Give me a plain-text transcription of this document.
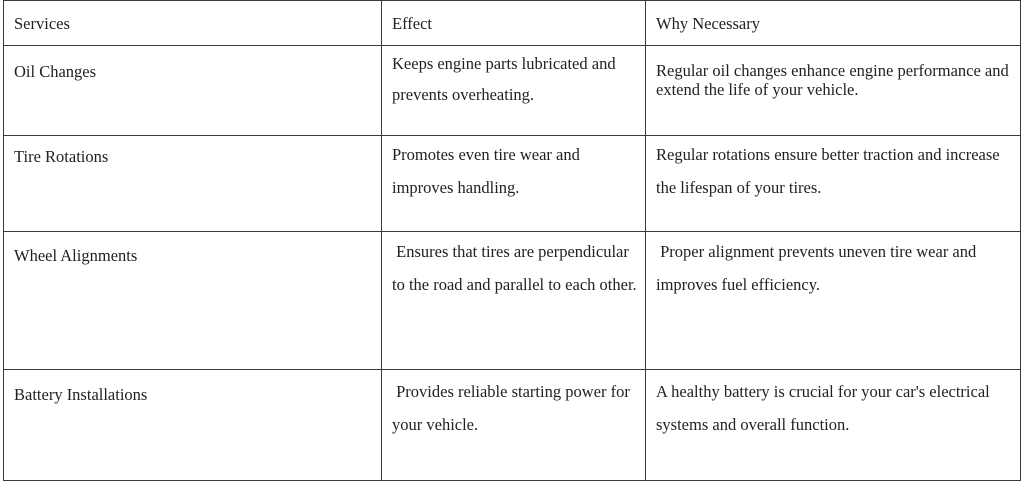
Services	Effect	Why Necessary
Oil Changes	Keeps engine parts lubricated and prevents overheating.	Regular oil changes enhance engine performance and extend the life of your vehicle.
Tire Rotations	Promotes even tire wear and improves handling.	Regular rotations ensure better traction and increase the lifespan of your tires.
Wheel Alignments	Ensures that tires are perpendicular to the road and parallel to each other.	Proper alignment prevents uneven tire wear and improves fuel efficiency.
Battery Installations	Provides reliable starting power for your vehicle.	A healthy battery is crucial for your car's electrical systems and overall function.
